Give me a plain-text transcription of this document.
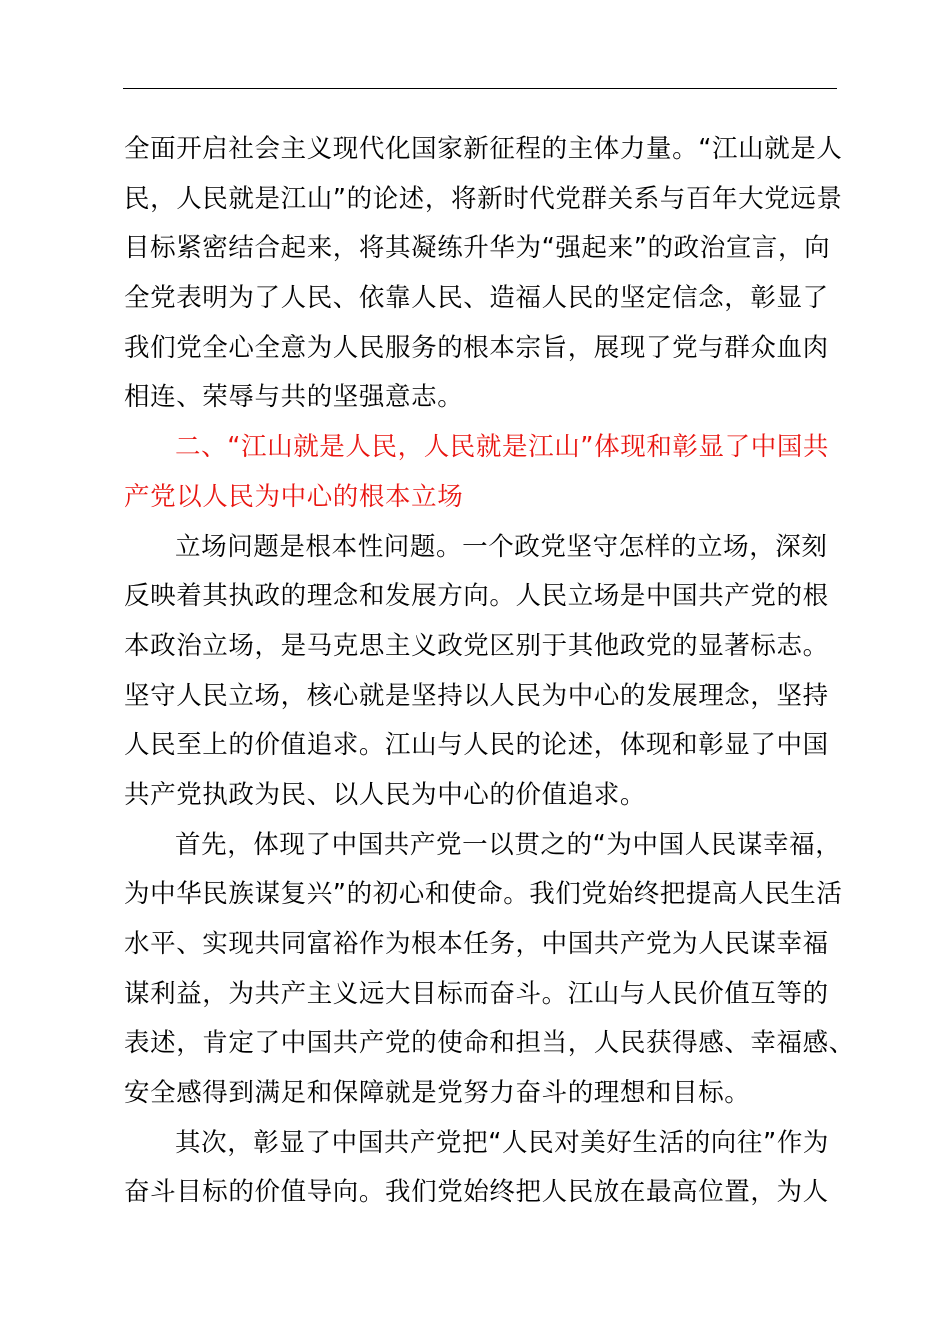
全面开启社会主义现代化国家新征程的主体力量。“江山就是人
民，人民就是江山”的论述，将新时代党群关系与百年大党远景
目标紧密结合起来，将其凝练升华为“强起来”的政治宣言，向
全党表明为了人民、依靠人民、造福人民的坚定信念，彰显了
我们党全心全意为人民服务的根本宗旨，展现了党与群众血肉
相连、荣辱与共的坚强意志。
二、“江山就是人民，人民就是江山”体现和彰显了中国共
产党以人民为中心的根本立场
立场问题是根本性问题。一个政党坚守怎样的立场，深刻
反映着其执政的理念和发展方向。人民立场是中国共产党的根
本政治立场，是马克思主义政党区别于其他政党的显著标志。
坚守人民立场，核心就是坚持以人民为中心的发展理念，坚持
人民至上的价值追求。江山与人民的论述，体现和彰显了中国
共产党执政为民、以人民为中心的价值追求。
首先，体现了中国共产党一以贯之的“为中国人民谋幸福，
为中华民族谋复兴”的初心和使命。我们党始终把提高人民生活
水平、实现共同富裕作为根本任务，中国共产党为人民谋幸福
谋利益，为共产主义远大目标而奋斗。江山与人民价值互等的
表述，肯定了中国共产党的使命和担当，人民获得感、幸福感、
安全感得到满足和保障就是党努力奋斗的理想和目标。
其次，彰显了中国共产党把“人民对美好生活的向往”作为
奋斗目标的价值导向。我们党始终把人民放在最高位置，为人
